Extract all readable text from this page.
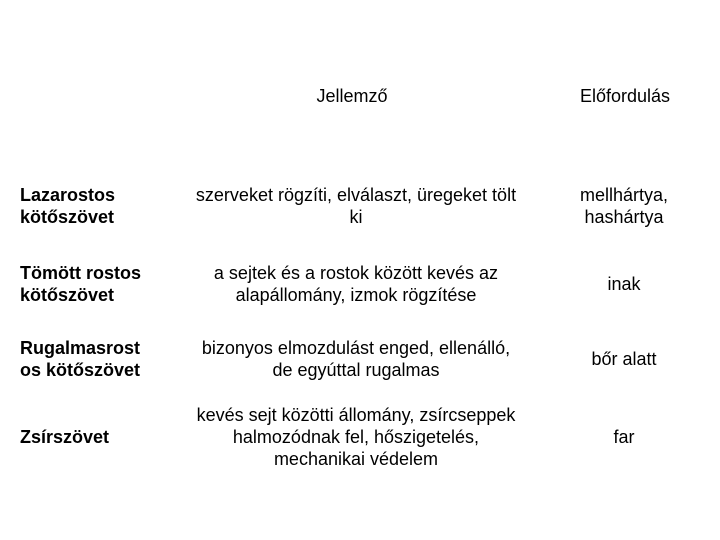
Jellemző	Előfordulás
Lazarostos
kötőszövet
szerveket rögzíti, elválaszt, üregeket tölt
ki
mellhártya,
hashártya
Tömött rostos
kötőszövet
a sejtek és a rostok között kevés az
alapállomány, izmok rögzítése
inak
Rugalmasrost
os kötőszövet
bizonyos elmozdulást enged, ellenálló,
de egyúttal rugalmas
bőr alatt
Zsírszövet
kevés sejt közötti állomány, zsírcseppek
halmozódnak fel, hőszigetelés,
mechanikai védelem
far
